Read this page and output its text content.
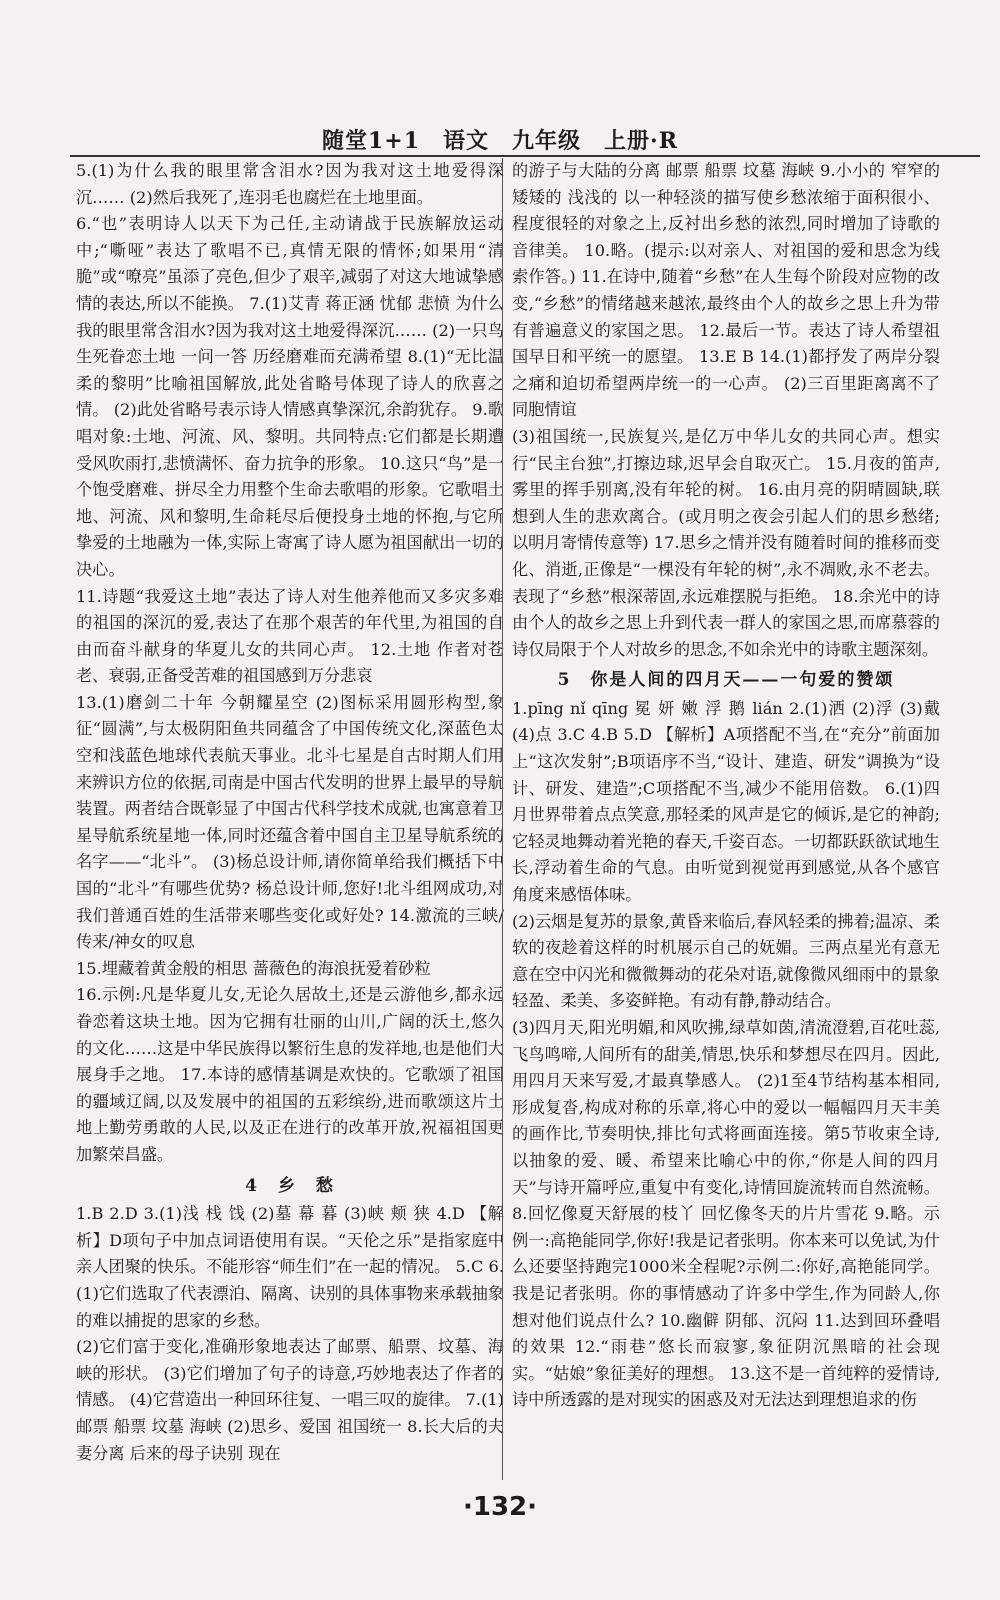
随堂1+1　语文　九年级　上册·R

5.(1)为什么我的眼里常含泪水?因为我对这土地爱得深沉…… (2)然后我死了,连羽毛也腐烂在土地里面。

6.“也”表明诗人以天下为己任,主动请战于民族解放运动中;“嘶哑”表达了歌唱不已,真情无限的情怀;如果用“清脆”或“嘹亮”虽添了亮色,但少了艰辛,减弱了对这大地诚挚感情的表达,所以不能换。 7.(1)艾青 蒋正涵 忧郁 悲愤 为什么我的眼里常含泪水?因为我对这土地爱得深沉…… (2)一只鸟生死眷恋土地 一问一答 历经磨难而充满希望 8.(1)“无比温柔的黎明”比喻祖国解放,此处省略号体现了诗人的欣喜之情。 (2)此处省略号表示诗人情感真挚深沉,余韵犹存。 9.歌唱对象:土地、河流、风、黎明。共同特点:它们都是长期遭受风吹雨打,悲愤满怀、奋力抗争的形象。 10.这只“鸟”是一个饱受磨难、拼尽全力用整个生命去歌唱的形象。它歌唱土地、河流、风和黎明,生命耗尽后便投身土地的怀抱,与它所挚爱的土地融为一体,实际上寄寓了诗人愿为祖国献出一切的决心。

11.诗题“我爱这土地”表达了诗人对生他养他而又多灾多难的祖国的深沉的爱,表达了在那个艰苦的年代里,为祖国的自由而奋斗献身的华夏儿女的共同心声。 12.土地 作者对苍老、衰弱,正备受苦难的祖国感到万分悲哀

13.(1)磨剑二十年 今朝耀星空 (2)图标采用圆形构型,象征“圆满”,与太极阴阳鱼共同蕴含了中国传统文化,深蓝色太空和浅蓝色地球代表航天事业。北斗七星是自古时期人们用来辨识方位的依据,司南是中国古代发明的世界上最早的导航装置。两者结合既彰显了中国古代科学技术成就,也寓意着卫星导航系统星地一体,同时还蕴含着中国自主卫星导航系统的名字——“北斗”。 (3)杨总设计师,请你简单给我们概括下中国的“北斗”有哪些优势? 杨总设计师,您好!北斗组网成功,对我们普通百姓的生活带来哪些变化或好处? 14.激流的三峡/传来/神女的叹息

15.埋藏着黄金般的相思 蔷薇色的海浪抚爱着砂粒

16.示例:凡是华夏儿女,无论久居故土,还是云游他乡,都永远眷恋着这块土地。因为它拥有壮丽的山川,广阔的沃土,悠久的文化……这是中华民族得以繁衍生息的发祥地,也是他们大展身手之地。 17.本诗的感情基调是欢快的。它歌颂了祖国的疆域辽阔,以及发展中的祖国的五彩缤纷,进而歌颂这片土地上勤劳勇敢的人民,以及正在进行的改革开放,祝福祖国更加繁荣昌盛。

4　乡　愁

1.B 2.D 3.(1)浅 栈 饯 (2)墓 幕 暮 (3)峡 颊 狭 4.D 【解析】D项句子中加点词语使用有误。“天伦之乐”是指家庭中亲人团聚的快乐。不能形容“师生们”在一起的情况。 5.C 6.(1)它们选取了代表漂泊、隔离、诀别的具体事物来承载抽象的难以捕捉的思家的乡愁。

(2)它们富于变化,准确形象地表达了邮票、船票、坟墓、海峡的形状。 (3)它们增加了句子的诗意,巧妙地表达了作者的情感。 (4)它营造出一种回环往复、一唱三叹的旋律。 7.(1)邮票 船票 坟墓 海峡 (2)思乡、爱国 祖国统一 8.长大后的夫妻分离 后来的母子诀别 现在

的游子与大陆的分离 邮票 船票 坟墓 海峡 9.小小的 窄窄的 矮矮的 浅浅的 以一种轻淡的描写使乡愁浓缩于面积很小、程度很轻的对象之上,反衬出乡愁的浓烈,同时增加了诗歌的音律美。 10.略。(提示:以对亲人、对祖国的爱和思念为线索作答。) 11.在诗中,随着“乡愁”在人生每个阶段对应物的改变,“乡愁”的情绪越来越浓,最终由个人的故乡之思上升为带有普遍意义的家国之思。 12.最后一节。表达了诗人希望祖国早日和平统一的愿望。 13.E B 14.(1)都抒发了两岸分裂之痛和迫切希望两岸统一的一心声。 (2)三百里距离离不了同胞情谊

(3)祖国统一,民族复兴,是亿万中华儿女的共同心声。想实行“民主台独”,打擦边球,迟早会自取灭亡。 15.月夜的笛声,雾里的挥手别离,没有年轮的树。 16.由月亮的阴晴圆缺,联想到人生的悲欢离合。(或月明之夜会引起人们的思乡愁绪;以明月寄情传意等) 17.思乡之情并没有随着时间的推移而变化、消逝,正像是“一棵没有年轮的树”,永不凋败,永不老去。表现了“乡愁”根深蒂固,永远难摆脱与拒绝。 18.余光中的诗由个人的故乡之思上升到代表一群人的家国之思,而席慕蓉的诗仅局限于个人对故乡的思念,不如余光中的诗歌主题深刻。

5　你是人间的四月天——一句爱的赞颂

1.pīng nǐ qīng 冕 妍 嫩 浮 鹅 lián 2.(1)洒 (2)浮 (3)戴 (4)点 3.C 4.B 5.D 【解析】A项搭配不当,在“充分”前面加上“这次发射”;B项语序不当,“设计、建造、研发”调换为“设计、研发、建造”;C项搭配不当,减少不能用倍数。 6.(1)四月世界带着点点笑意,那轻柔的风声是它的倾诉,是它的神韵;它轻灵地舞动着光艳的春天,千姿百态。一切都跃跃欲试地生长,浮动着生命的气息。由听觉到视觉再到感觉,从各个感官角度来感悟体味。

(2)云烟是复苏的景象,黄昏来临后,春风轻柔的拂着;温凉、柔软的夜趁着这样的时机展示自己的妩媚。三两点星光有意无意在空中闪光和微微舞动的花朵对语,就像微风细雨中的景象轻盈、柔美、多姿鲜艳。有动有静,静动结合。

(3)四月天,阳光明媚,和风吹拂,绿草如茵,清流澄碧,百花吐蕊,飞鸟鸣啼,人间所有的甜美,情思,快乐和梦想尽在四月。因此,用四月天来写爱,才最真挚感人。 (2)1至4节结构基本相同,形成复沓,构成对称的乐章,将心中的爱以一幅幅四月天丰美的画作比,节奏明快,排比句式将画面连接。第5节收束全诗,以抽象的爱、暖、希望来比喻心中的你,“你是人间的四月天”与诗开篇呼应,重复中有变化,诗情回旋流转而自然流畅。 8.回忆像夏天舒展的枝丫 回忆像冬天的片片雪花 9.略。示例一:高艳能同学,你好!我是记者张明。你本来可以免试,为什么还要坚持跑完1000米全程呢?示例二:你好,高艳能同学。我是记者张明。你的事情感动了许多中学生,作为同龄人,你想对他们说点什么? 10.幽僻 阴郁、沉闷 11.达到回环叠唱的效果 12.“雨巷”悠长而寂寥,象征阴沉黑暗的社会现实。“姑娘”象征美好的理想。 13.这不是一首纯粹的爱情诗,诗中所透露的是对现实的困惑及对无法达到理想追求的伤

·132·
